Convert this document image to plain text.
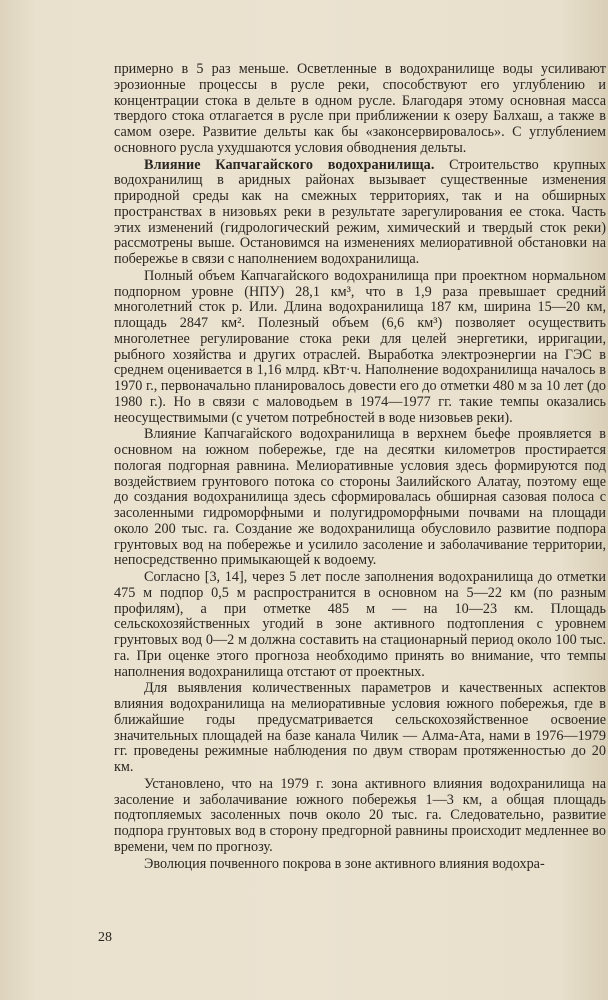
примерно в 5 раз меньше. Осветленные в водохранилище воды усиливают эрозионные процессы в русле реки, способствуют его углублению и концентрации стока в дельте в одном русле. Благодаря этому основная масса твердого стока отлагается в русле при приближении к озеру Балхаш, а также в самом озере. Развитие дельты как бы «законсервировалось». С углублением основного русла ухудшаются условия обводнения дельты.

Влияние Капчагайского водохранилища. Строительство крупных водохранилищ в аридных районах вызывает существенные изменения природной среды как на смежных территориях, так и на обширных пространствах в низовьях реки в результате зарегулирования ее стока. Часть этих изменений (гидрологический режим, химический и твердый сток реки) рассмотрены выше. Остановимся на изменениях мелиоративной обстановки на побережье в связи с наполнением водохранилища.

Полный объем Капчагайского водохранилища при проектном нормальном подпорном уровне (НПУ) 28,1 км³, что в 1,9 раза превышает средний многолетний сток р. Или. Длина водохранилища 187 км, ширина 15—20 км, площадь 2847 км². Полезный объем (6,6 км³) позволяет осуществить многолетнее регулирование стока реки для целей энергетики, ирригации, рыбного хозяйства и других отраслей. Выработка электроэнергии на ГЭС в среднем оценивается в 1,16 млрд. кВт·ч. Наполнение водохранилища началось в 1970 г., первоначально планировалось довести его до отметки 480 м за 10 лет (до 1980 г.). Но в связи с маловодьем в 1974—1977 гг. такие темпы оказались неосуществимыми (с учетом потребностей в воде низовьев реки).

Влияние Капчагайского водохранилища в верхнем бьефе проявляется в основном на южном побережье, где на десятки километров простирается пологая подгорная равнина. Мелиоративные условия здесь формируются под воздействием грунтового потока со стороны Заилийского Алатау, поэтому еще до создания водохранилища здесь сформировалась обширная сазовая полоса с засоленными гидроморфными и полугидроморфными почвами на площади около 200 тыс. га. Создание же водохранилища обусловило развитие подпора грунтовых вод на побережье и усилило засоление и заболачивание территории, непосредственно примыкающей к водоему.

Согласно [3, 14], через 5 лет после заполнения водохранилища до отметки 475 м подпор 0,5 м распространится в основном на 5—22 км (по разным профилям), а при отметке 485 м — на 10—23 км. Площадь сельскохозяйственных угодий в зоне активного подтопления с уровнем грунтовых вод 0—2 м должна составить на стационарный период около 100 тыс. га. При оценке этого прогноза необходимо принять во внимание, что темпы наполнения водохранилища отстают от проектных.

Для выявления количественных параметров и качественных аспектов влияния водохранилища на мелиоративные условия южного побережья, где в ближайшие годы предусматривается сельскохозяйственное освоение значительных площадей на базе канала Чилик — Алма-Ата, нами в 1976—1979 гг. проведены режимные наблюдения по двум створам протяженностью до 20 км.

Установлено, что на 1979 г. зона активного влияния водохранилища на засоление и заболачивание южного побережья 1—3 км, а общая площадь подтопляемых засоленных почв около 20 тыс. га. Следовательно, развитие подпора грунтовых вод в сторону предгорной равнины происходит медленнее во времени, чем по прогнозу.

Эволюция почвенного покрова в зоне активного влияния водохра-

28
